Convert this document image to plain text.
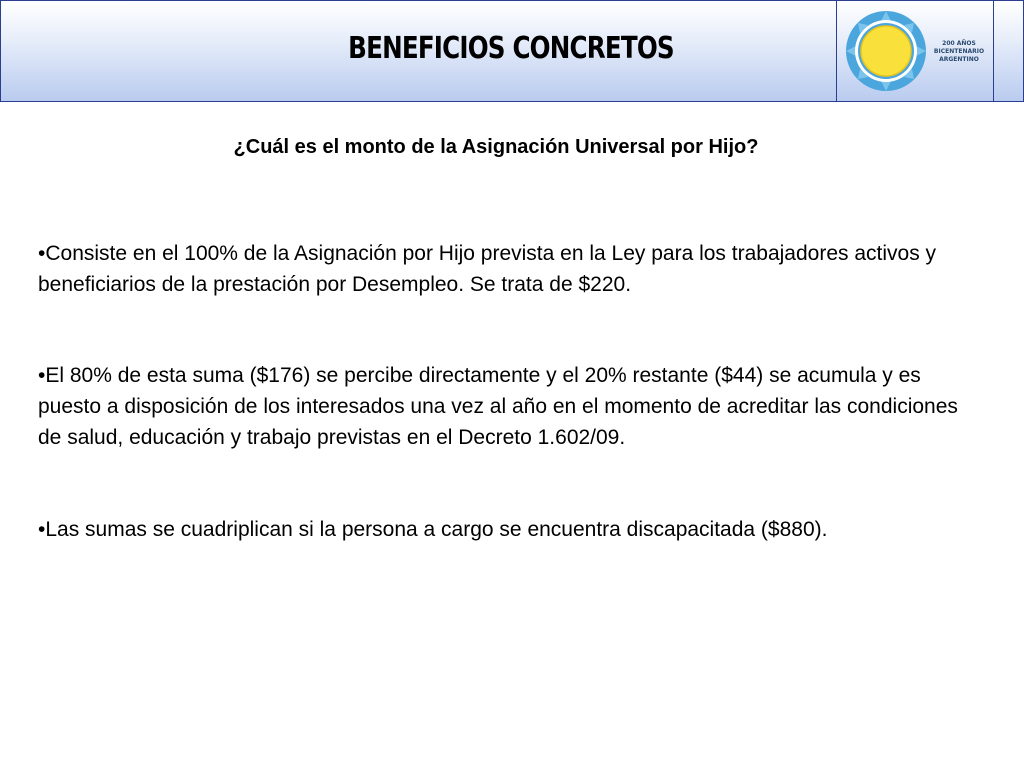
BENEFICIOS CONCRETOS	200 AÑOS
BICENTENARIO
ARGENTINO
¿Cuál es el monto de la Asignación Universal por Hijo?
•Consiste en el 100% de la Asignación por Hijo prevista en la Ley para los trabajadores activos y beneficiarios de la prestación por Desempleo. Se trata de $220.
•El 80% de esta suma ($176) se percibe directamente y el 20% restante ($44) se acumula y es puesto a disposición de los interesados una vez al año en el momento de acreditar las condiciones de salud, educación y trabajo previstas en el Decreto 1.602/09.
•Las sumas se cuadriplican si la persona a cargo se encuentra discapacitada ($880).
